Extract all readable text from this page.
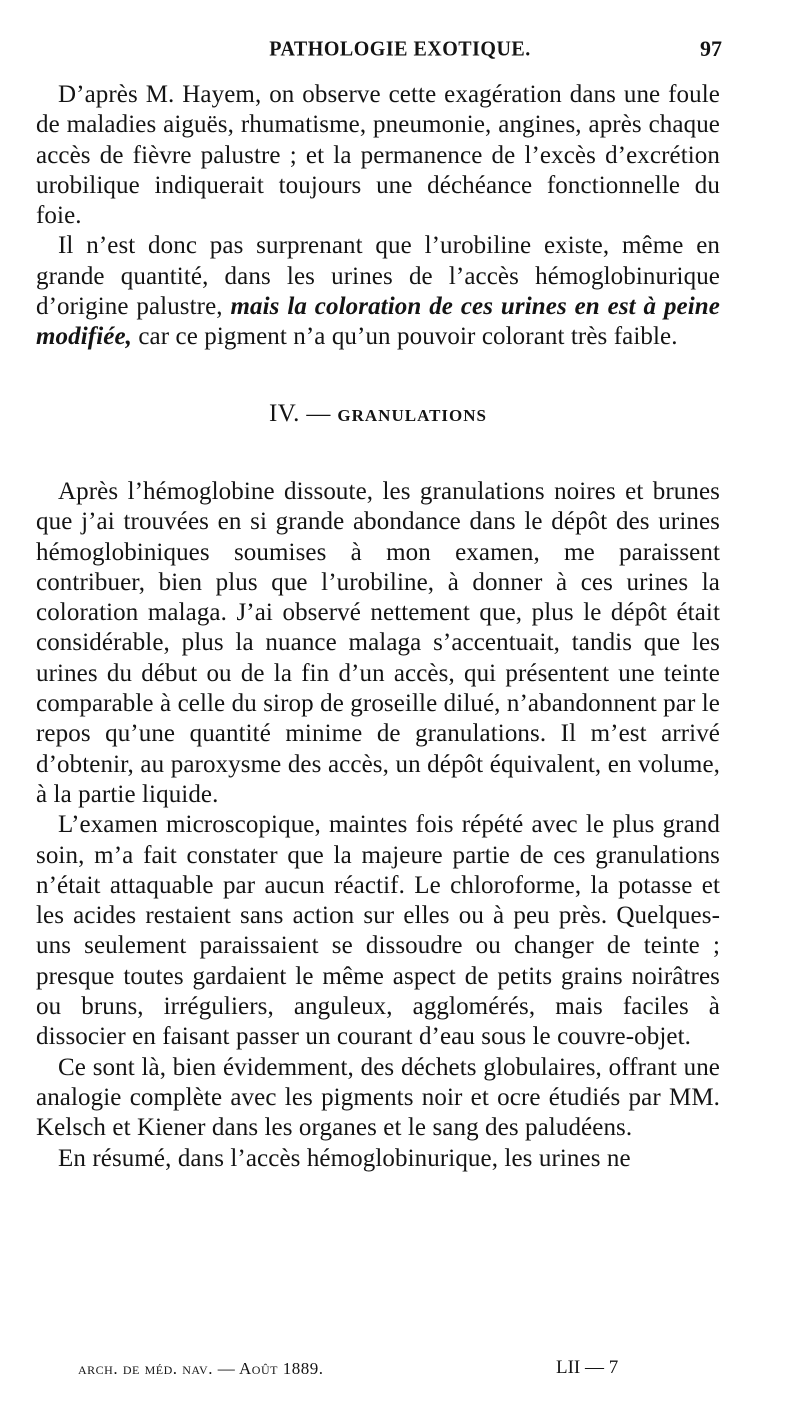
PATHOLOGIE EXOTIQUE.	97

D’après M. Hayem, on observe cette exagération dans une foule de maladies aiguës, rhumatisme, pneumonie, angines, après chaque accès de fièvre palustre ; et la permanence de l’excès d’excrétion urobilique indiquerait toujours une déchéance fonctionnelle du foie.

Il n’est donc pas surprenant que l’urobiline existe, même en grande quantité, dans les urines de l’accès hémoglobinurique d’origine palustre, mais la coloration de ces urines en est à peine modifiée, car ce pigment n’a qu’un pouvoir colorant très faible.

IV. — GRANULATIONS

Après l’hémoglobine dissoute, les granulations noires et brunes que j’ai trouvées en si grande abondance dans le dépôt des urines hémoglobiniques soumises à mon examen, me paraissent contribuer, bien plus que l’urobiline, à donner à ces urines la coloration malaga. J’ai observé nettement que, plus le dépôt était considérable, plus la nuance malaga s’accentuait, tandis que les urines du début ou de la fin d’un accès, qui présentent une teinte comparable à celle du sirop de groseille dilué, n’abandonnent par le repos qu’une quantité minime de granulations. Il m’est arrivé d’obtenir, au paroxysme des accès, un dépôt équivalent, en volume, à la partie liquide.

L’examen microscopique, maintes fois répété avec le plus grand soin, m’a fait constater que la majeure partie de ces granulations n’était attaquable par aucun réactif. Le chloroforme, la potasse et les acides restaient sans action sur elles ou à peu près. Quelques-uns seulement paraissaient se dissoudre ou changer de teinte ; presque toutes gardaient le même aspect de petits grains noirâtres ou bruns, irréguliers, anguleux, agglomérés, mais faciles à dissocier en faisant passer un courant d’eau sous le couvre-objet.

Ce sont là, bien évidemment, des déchets globulaires, offrant une analogie complète avec les pigments noir et ocre étudiés par MM. Kelsch et Kiener dans les organes et le sang des paludéens.

En résumé, dans l’accès hémoglobinurique, les urines ne

arch. de méd. nav. — Août 1889.	LII — 7
